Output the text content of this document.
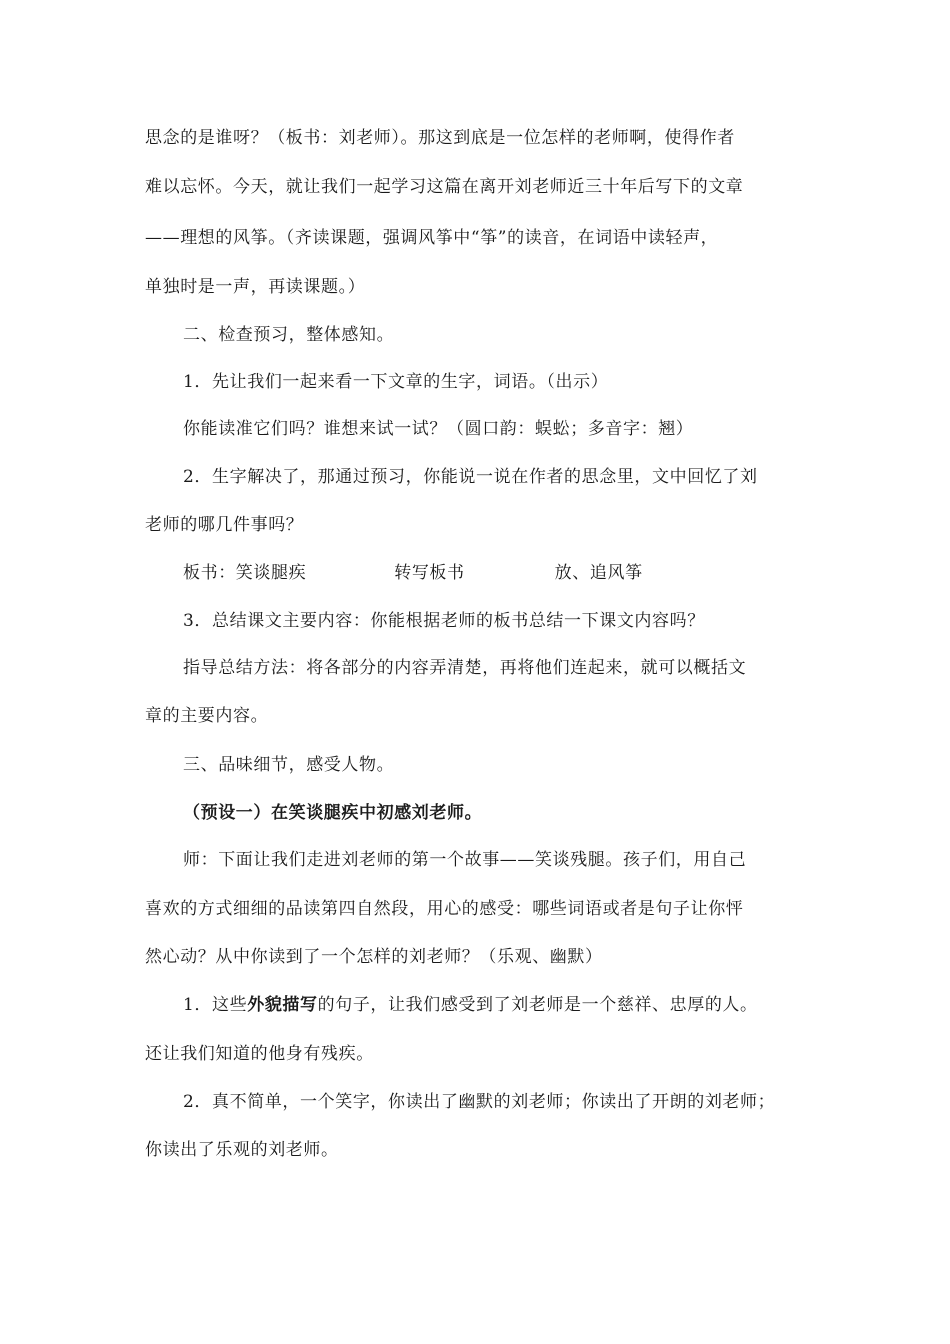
思念的是谁呀？（板书：刘老师）。那这到底是一位怎样的老师啊，使得作者
难以忘怀。今天，就让我们一起学习这篇在离开刘老师近三十年后写下的文章
——理想的风筝。（齐读课题，强调风筝中“筝”的读音，在词语中读轻声，
单独时是一声，再读课题。）
二、检查预习，整体感知。
1．先让我们一起来看一下文章的生字，词语。（出示）
你能读准它们吗？谁想来试一试？（圆口韵：蜈蚣；多音字：翘）
2．生字解决了，那通过预习，你能说一说在作者的思念里，文中回忆了刘
老师的哪几件事吗？
板书：笑谈腿疾	转写板书	放、追风筝
3．总结课文主要内容：你能根据老师的板书总结一下课文内容吗？
指导总结方法：将各部分的内容弄清楚，再将他们连起来，就可以概括文
章的主要内容。
三、品味细节，感受人物。
（预设一）在笑谈腿疾中初感刘老师。
师：下面让我们走进刘老师的第一个故事——笑谈残腿。孩子们，用自己
喜欢的方式细细的品读第四自然段，用心的感受：哪些词语或者是句子让你怦
然心动？从中你读到了一个怎样的刘老师？（乐观、幽默）
1．这些外貌描写的句子，让我们感受到了刘老师是一个慈祥、忠厚的人。
还让我们知道的他身有残疾。
2．真不简单，一个笑字，你读出了幽默的刘老师；你读出了开朗的刘老师；
你读出了乐观的刘老师。
